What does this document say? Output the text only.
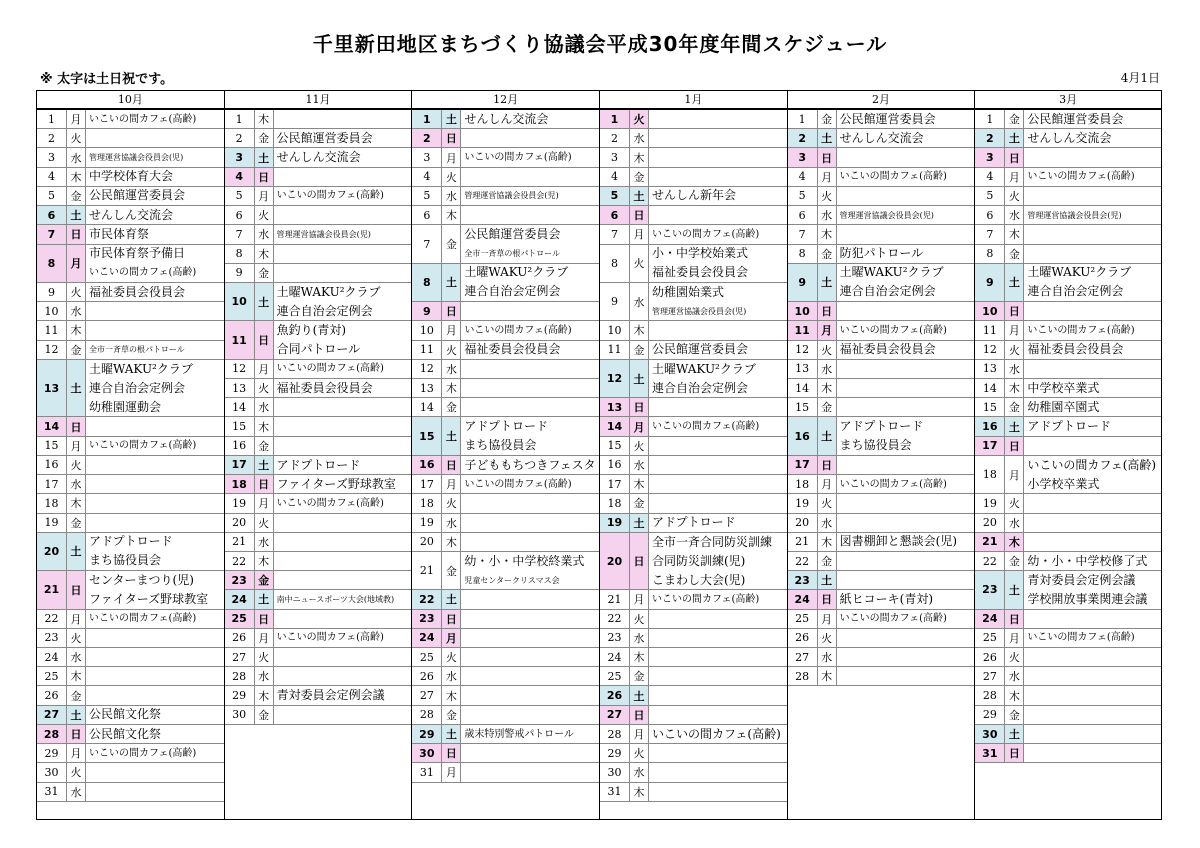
千里新田地区まちづくり協議会平成30年度年間スケジュール
※ 太字は土日祝です。	4月1日
10月
1	月 いこいの間カフェ(高齢)
2	火
3	水 管理運営協議会役員会(児)
4	木 中学校体育大会
5	金 公民館運営委員会
6	土 せんしん交流会
7	日 市民体育祭
8	月
市民体育祭予備日
いこいの間カフェ(高齢)
9	火 福祉委員会役員会
10	水
11	木
12	金 全市一斉草の根パトロール
13	土
土曜WAKU²クラブ
連合自治会定例会
幼稚園運動会
14	日
15	月 いこいの間カフェ(高齢)
16	火
17	水
18	木
19	金
20	土
アドプトロード
まち協役員会
21	日
センターまつり(児)
ファイターズ野球教室
22	月 いこいの間カフェ(高齢)
23	火
24	水
25	木
26	金
27	土 公民館文化祭
28	日 公民館文化祭
29	月 いこいの間カフェ(高齢)
30	火
31	水
11月
1	木
2	金 公民館運営委員会
3	土 せんしん交流会
4	日
5	月 いこいの間カフェ(高齢)
6	火
7	水 管理運営協議会役員会(児)
8	木
9	金
10	土
土曜WAKU²クラブ
連合自治会定例会
11	日
魚釣り(青対)
合同パトロール
12	月 いこいの間カフェ(高齢)
13	火 福祉委員会役員会
14	水
15	木
16	金
17	土 アドプトロード
18	日 ファイターズ野球教室
19	月 いこいの間カフェ(高齢)
20	火
21	水
22	木
23	金
24	土 南中ニュースポーツ大会(地域教)
25	日
26	月 いこいの間カフェ(高齢)
27	火
28	水
29	木 青対委員会定例会議
30	金
12月
1	土 せんしん交流会
2	日
3	月 いこいの間カフェ(高齢)
4	火
5	水 管理運営協議会役員会(児)
6	木
7	金
公民館運営委員会
全市一斉草の根パトロール
8	土
土曜WAKU²クラブ
連合自治会定例会
9	日
10	月 いこいの間カフェ(高齢)
11	火 福祉委員会役員会
12	水
13	木
14	金
15	土
アドプトロード
まち協役員会
16	日 子どももちつきフェスタ
17	月 いこいの間カフェ(高齢)
18	火
19	水
20	木
21	金
幼・小・中学校終業式
児童センタークリスマス会
22	土
23	日
24	月
25	火
26	水
27	木
28	金
29	土 歳末特別警戒パトロール
30	日
31	月
1月
1	火
2	水
3	木
4	金
5	土 せんしん新年会
6	日
7	月 いこいの間カフェ(高齢)
8	火
小・中学校始業式
福祉委員会役員会
9	水
幼稚園始業式
管理運営協議会役員会(児)
10	木
11	金 公民館運営委員会
12	土
土曜WAKU²クラブ
連合自治会定例会
13	日
14	月 いこいの間カフェ(高齢)
15	火
16	水
17	木
18	金
19	土 アドプトロード
20	日
全市一斉合同防災訓練
合同防災訓練(児)
こまわし大会(児)
21	月 いこいの間カフェ(高齢)
22	火
23	水
24	木
25	金
26	土
27	日
28	月 いこいの間カフェ(高齢)
29	火
30	水
31	木
2月
1	金 公民館運営委員会
2	土 せんしん交流会
3	日
4	月 いこいの間カフェ(高齢)
5	火
6	水 管理運営協議会役員会(児)
7	木
8	金 防犯パトロール
9	土
土曜WAKU²クラブ
連合自治会定例会
10	日
11	月 いこいの間カフェ(高齢)
12	火 福祉委員会役員会
13	水
14	木
15	金
16	土
アドプトロード
まち協役員会
17	日
18	月 いこいの間カフェ(高齢)
19	火
20	水
21	木 図書棚卸と懇談会(児)
22	金
23	土
24	日 紙ヒコーキ(青対)
25	月 いこいの間カフェ(高齢)
26	火
27	水
28	木
3月
1	金 公民館運営委員会
2	土 せんしん交流会
3	日
4	月 いこいの間カフェ(高齢)
5	火
6	水 管理運営協議会役員会(児)
7	木
8	金
9	土
土曜WAKU²クラブ
連合自治会定例会
10	日
11	月 いこいの間カフェ(高齢)
12	火 福祉委員会役員会
13	水
14	木 中学校卒業式
15	金 幼稚園卒園式
16	土 アドプトロード
17	日
18	月
いこいの間カフェ(高齢)
小学校卒業式
19	火
20	水
21	木
22	金 幼・小・中学校修了式
23	土
青対委員会定例会議
学校開放事業関連会議
24	日
25	月 いこいの間カフェ(高齢)
26	火
27	水
28	木
29	金
30	土
31	日
